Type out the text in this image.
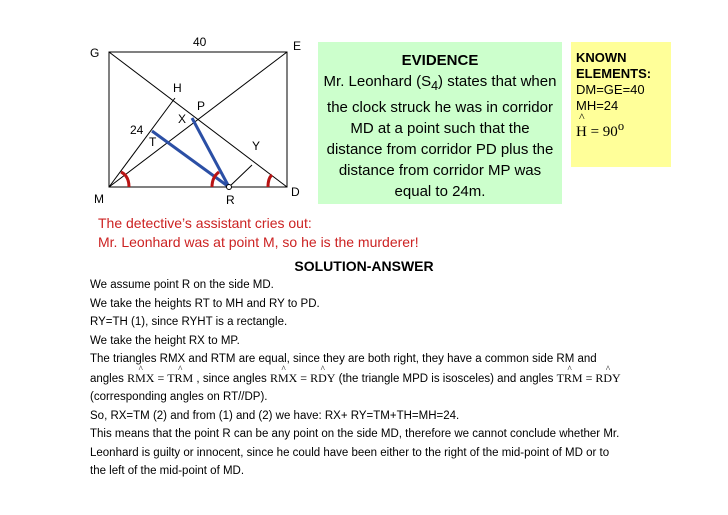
40
G	E
H
P
X
24
T	Y
M	R
D
EVIDENCE
Mr. Leonhard $(S_4)$ states that when the clock struck he was in corridor MD at a point such that the distance from corridor PD plus the distance from corridor MP was equal to 24m.
KNOWN
ELEMENTS:
DM=GE=40
MH=24
^
$H = 90^o$
The detective’s assistant cries out:
Mr. Leonhard was at point M, so he is the murderer!
SOLUTION-ANSWER

We assume point R on the side MD.

We take the heights RT to MH and RY to PD.

RY=TH (1), since RYHT is a rectangle.

We take the height RX to MP.

The triangles RMX and RTM are equal, since they are both right, they have a common side RM and

angles ^ RMX = ^ TRM , since angles ^ RMX = ^ RDY (the triangle MPD is isosceles) and angles ^ TRM = ^ RDY

(corresponding angles on RT//DP).

So, RX=TM (2) and from (1) and (2) we have: RX+ RY=TM+TH=MH=24.

This means that the point R can be any point on the side MD, therefore we cannot conclude whether Mr.

Leonhard is guilty or innocent, since he could have been either to the right of the mid-point of MD or to

the left of the mid-point of MD.
